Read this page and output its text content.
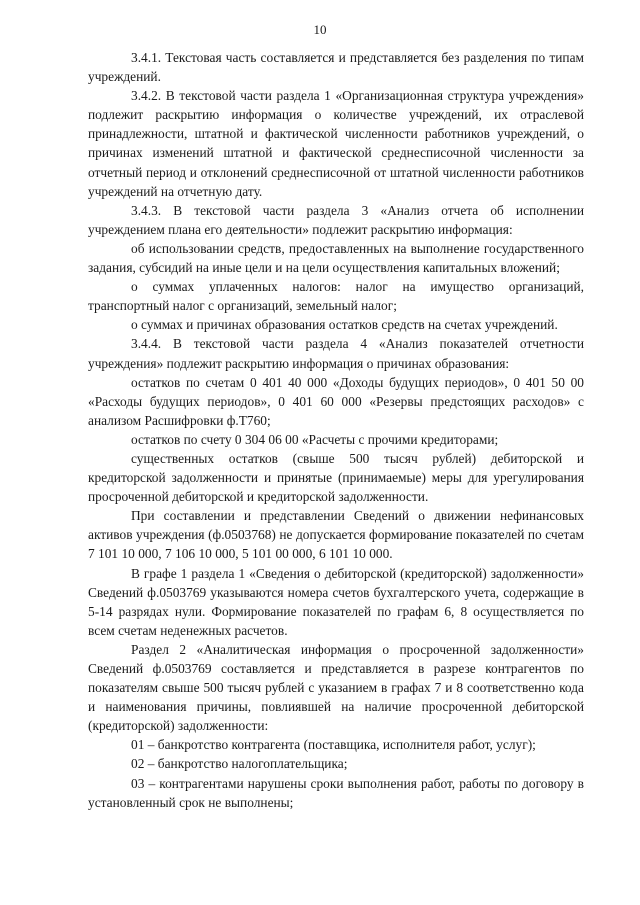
10

3.4.1. Текстовая часть составляется и представляется без разделения по типам учреждений.

3.4.2. В текстовой части раздела 1 «Организационная структура учреждения» подлежит раскрытию информация о количестве учреждений, их отраслевой принадлежности, штатной и фактической численности работников учреждений, о причинах изменений штатной и фактической среднесписочной численности за отчетный период и отклонений среднесписочной от штатной численности работников учреждений на отчетную дату.

3.4.3. В текстовой части раздела 3 «Анализ отчета об исполнении учреждением плана его деятельности» подлежит раскрытию информация:

об использовании средств, предоставленных на выполнение государственного задания, субсидий на иные цели и на цели осуществления капитальных вложений;

о суммах уплаченных налогов: налог на имущество организаций, транспортный налог с организаций, земельный налог;

о суммах и причинах образования остатков средств на счетах учреждений.

3.4.4. В текстовой части раздела 4 «Анализ показателей отчетности учреждения» подлежит раскрытию информация о причинах образования:

остатков по счетам 0 401 40 000 «Доходы будущих периодов», 0 401 50 00 «Расходы будущих периодов», 0 401 60 000 «Резервы предстоящих расходов» с анализом Расшифровки ф.Т760;

остатков по счету 0 304 06 00 «Расчеты с прочими кредиторами;

существенных остатков (свыше 500 тысяч рублей) дебиторской и кредиторской задолженности и принятые (принимаемые) меры для урегулирования просроченной дебиторской и кредиторской задолженности.

При составлении и представлении Сведений о движении нефинансовых активов учреждения (ф.0503768) не допускается формирование показателей по счетам 7 101 10 000, 7 106 10 000, 5 101 00 000, 6 101 10 000.

В графе 1 раздела 1 «Сведения о дебиторской (кредиторской) задолженности» Сведений ф.0503769 указываются номера счетов бухгалтерского учета, содержащие в 5-14 разрядах нули. Формирование показателей по графам 6, 8 осуществляется по всем счетам неденежных расчетов.

Раздел 2 «Аналитическая информация о просроченной задолженности» Сведений ф.0503769 составляется и представляется в разрезе контрагентов по показателям свыше 500 тысяч рублей с указанием в графах 7 и 8 соответственно кода и наименования причины, повлиявшей на наличие просроченной дебиторской (кредиторской) задолженности:

01 – банкротство контрагента (поставщика, исполнителя работ, услуг);

02 – банкротство налогоплательщика;

03 – контрагентами нарушены сроки выполнения работ, работы по договору в установленный срок не выполнены;
